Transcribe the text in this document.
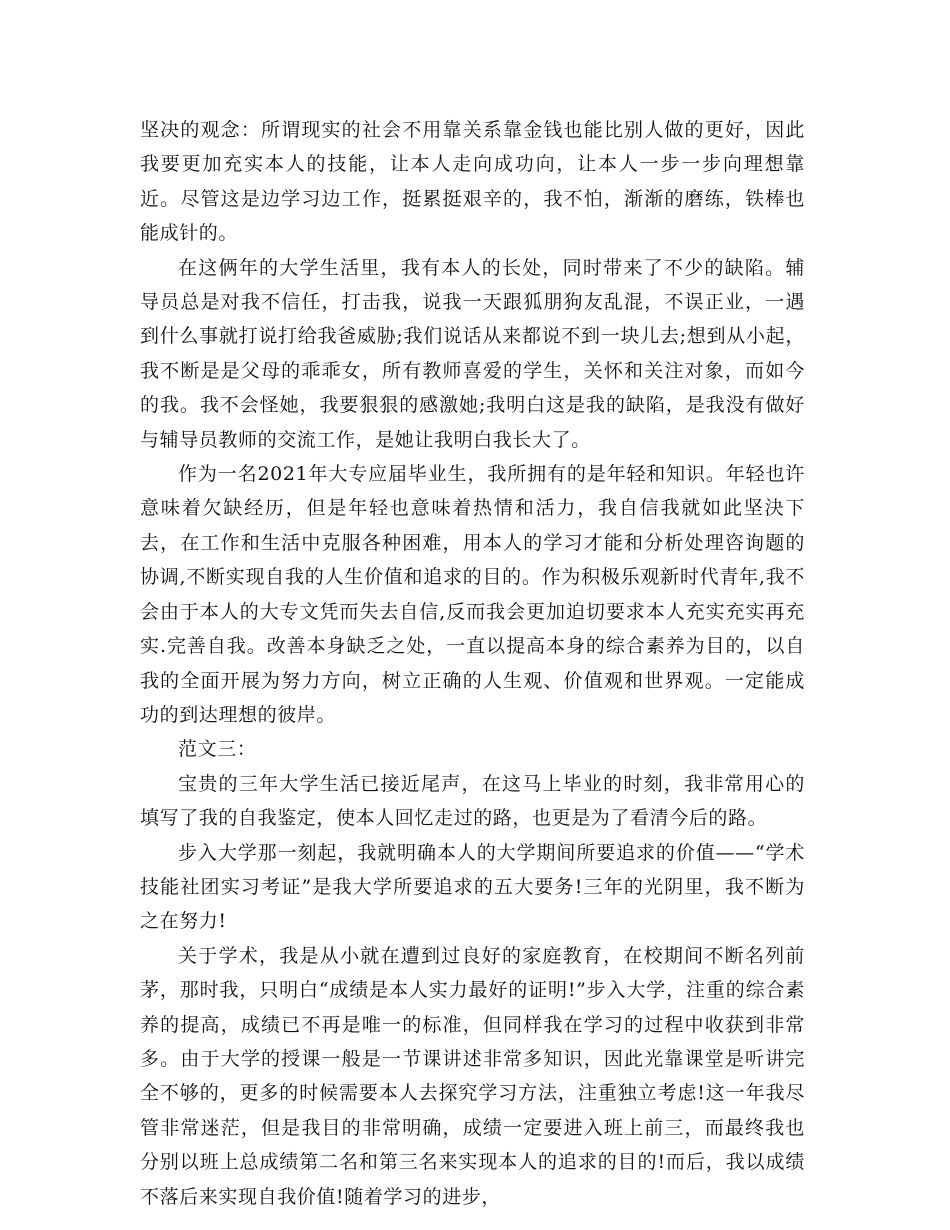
坚决的观念：所谓现实的社会不用靠关系靠金钱也能比别人做的更好，因此我要更加充实本人的技能，让本人走向成功向，让本人一步一步向理想靠近。尽管这是边学习边工作，挺累挺艰辛的，我不怕，渐渐的磨练，铁棒也能成针的。

在这俩年的大学生活里，我有本人的长处，同时带来了不少的缺陷。辅导员总是对我不信任，打击我，说我一天跟狐朋狗友乱混，不误正业，一遇到什么事就打说打给我爸威胁;我们说话从来都说不到一块儿去;想到从小起，我不断是是父母的乖乖女，所有教师喜爱的学生，关怀和关注对象，而如今的我。我不会怪她，我要狠狠的感激她;我明白这是我的缺陷，是我没有做好与辅导员教师的交流工作，是她让我明白我长大了。

作为一名2021年大专应届毕业生，我所拥有的是年轻和知识。年轻也许意味着欠缺经历，但是年轻也意味着热情和活力，我自信我就如此坚決下去，在工作和生活中克服各种困难，用本人的学习才能和分析处理咨询题的协调,不断实现自我的人生价值和追求的目的。作为积极乐观新时代青年,我不会由于本人的大专文凭而失去自信,反而我会更加迫切要求本人充实充实再充实.完善自我。改善本身缺乏之处，一直以提高本身的综合素养为目的，以自我的全面开展为努力方向，树立正确的人生观、价值观和世界观。一定能成功的到达理想的彼岸。

范文三：

宝贵的三年大学生活已接近尾声，在这马上毕业的时刻，我非常用心的填写了我的自我鉴定，使本人回忆走过的路，也更是为了看清今后的路。

步入大学那一刻起，我就明确本人的大学期间所要追求的价值——“学术技能社团实习考证”是我大学所要追求的五大要务!三年的光阴里，我不断为之在努力!

关于学术，我是从小就在遭到过良好的家庭教育，在校期间不断名列前茅，那时我，只明白“成绩是本人实力最好的证明!”步入大学，注重的综合素养的提高，成绩已不再是唯一的标准，但同样我在学习的过程中收获到非常多。由于大学的授课一般是一节课讲述非常多知识，因此光靠课堂是听讲完全不够的，更多的时候需要本人去探究学习方法，注重独立考虑!这一年我尽管非常迷茫，但是我目的非常明确，成绩一定要进入班上前三，而最终我也分别以班上总成绩第二名和第三名来实现本人的追求的目的!而后，我以成绩不落后来实现自我价值!随着学习的进步，
